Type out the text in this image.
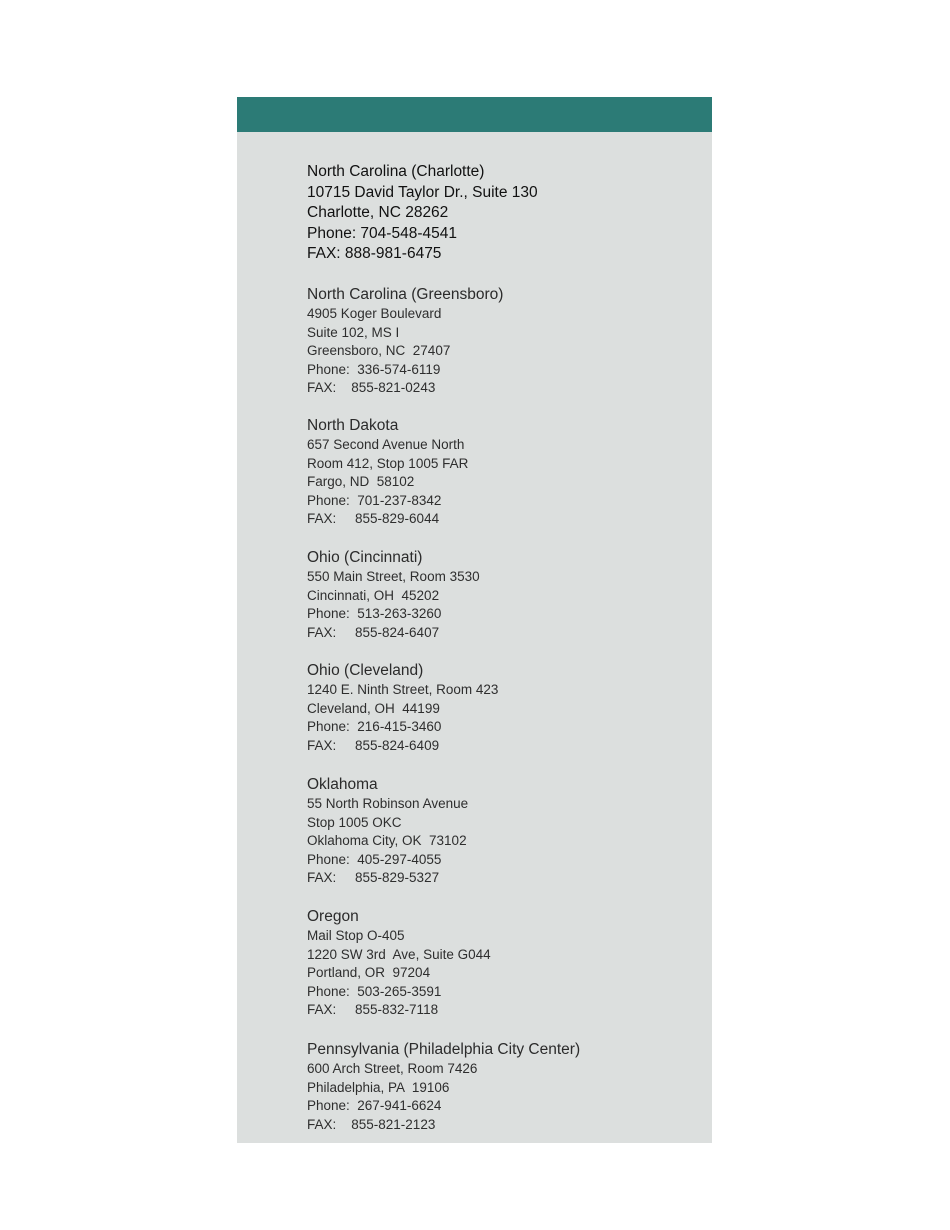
North Carolina (Charlotte)
10715 David Taylor Dr., Suite 130
Charlotte, NC 28262
Phone: 704-548-4541
FAX: 888-981-6475
North Carolina (Greensboro)
4905 Koger Boulevard
Suite 102, MS I
Greensboro, NC  27407
Phone:  336-574-6119
FAX:    855-821-0243
North Dakota
657 Second Avenue North
Room 412, Stop 1005 FAR
Fargo, ND  58102
Phone:  701-237-8342
FAX:     855-829-6044
Ohio (Cincinnati)
550 Main Street, Room 3530
Cincinnati, OH  45202
Phone:  513-263-3260
FAX:     855-824-6407
Ohio (Cleveland)
1240 E. Ninth Street, Room 423
Cleveland, OH  44199
Phone:  216-415-3460
FAX:     855-824-6409
Oklahoma
55 North Robinson Avenue
Stop 1005 OKC
Oklahoma City, OK  73102
Phone:  405-297-4055
FAX:     855-829-5327
Oregon
Mail Stop O-405
1220 SW 3rd  Ave, Suite G044
Portland, OR  97204
Phone:  503-265-3591
FAX:     855-832-7118
Pennsylvania (Philadelphia City Center)
600 Arch Street, Room 7426
Philadelphia, PA  19106
Phone:  267-941-6624
FAX:    855-821-2123
